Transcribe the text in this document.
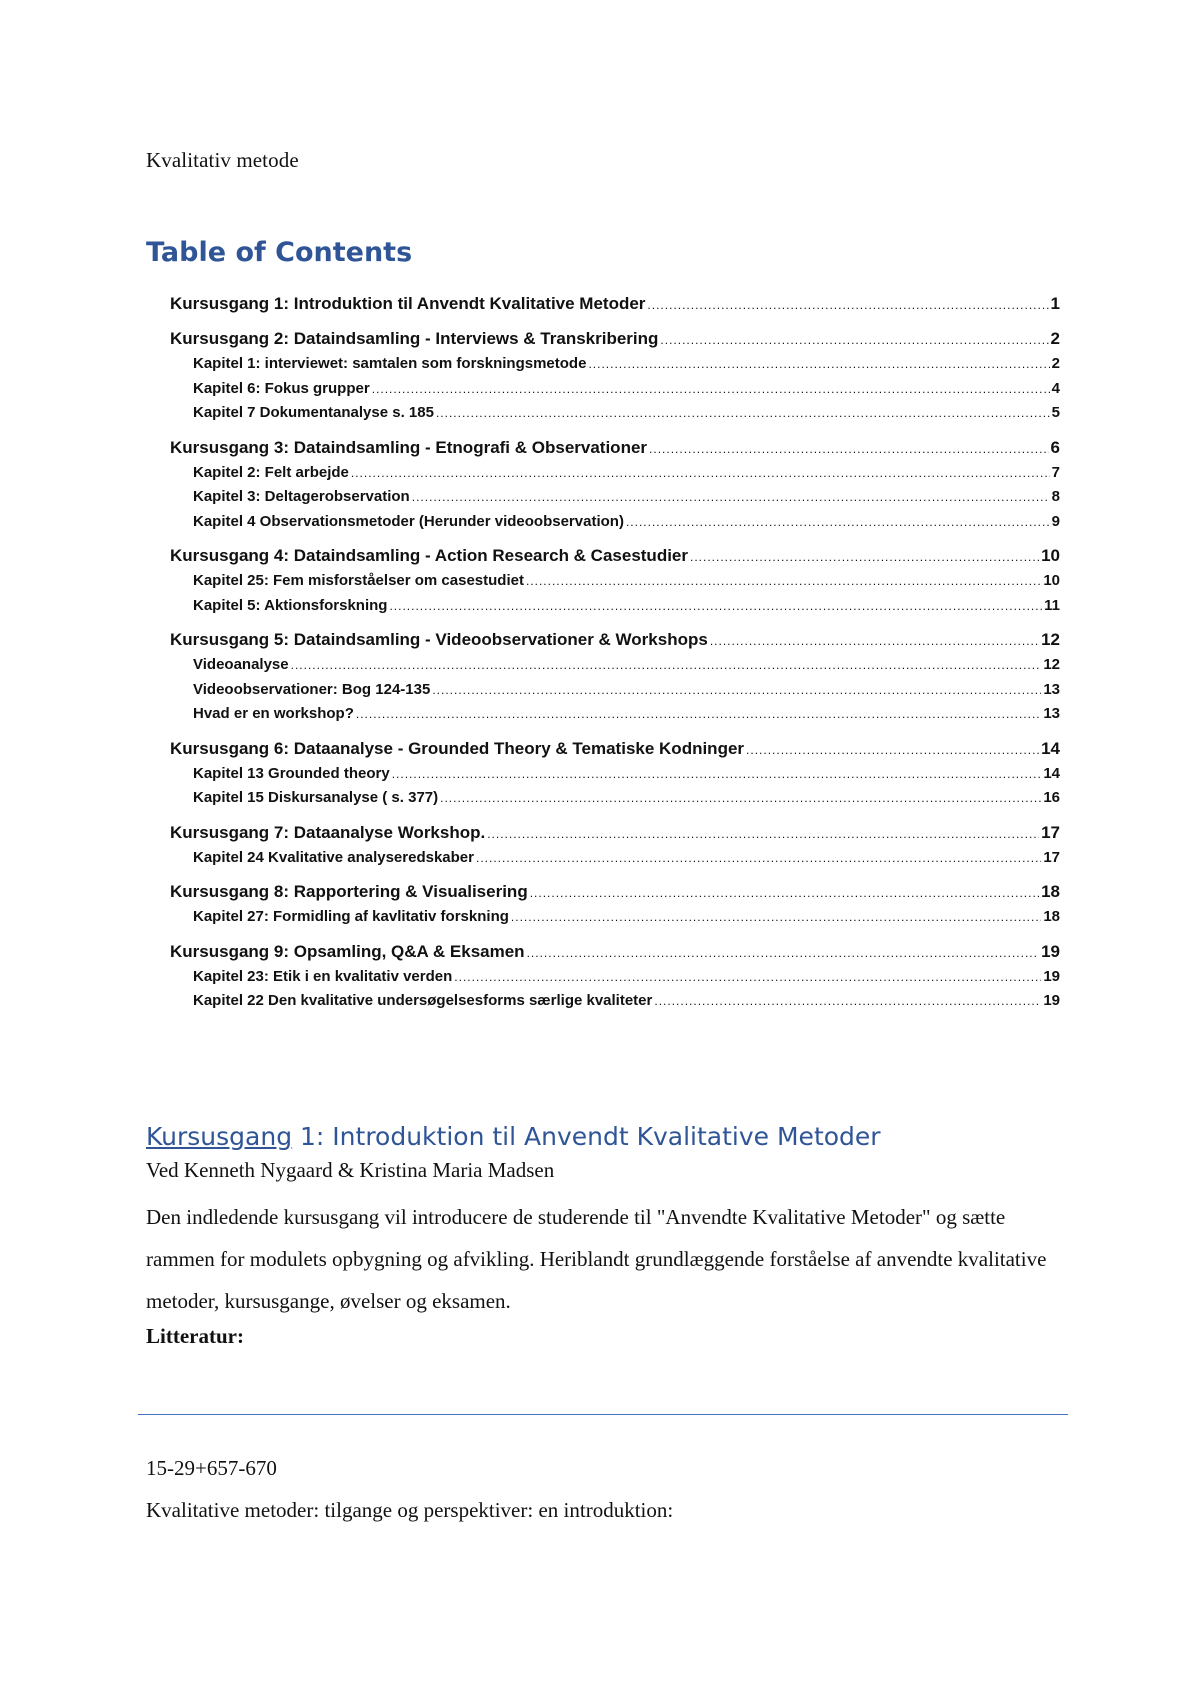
Kvalitativ metode
Table of Contents
Kursusgang 1: Introduktion til Anvendt Kvalitative Metoder .....	1
Kursusgang 2: Dataindsamling - Interviews & Transkribering .....	2
Kapitel 1: interviewet: samtalen som forskningsmetode .....	2
Kapitel 6: Fokus grupper .....	4
Kapitel 7 Dokumentanalyse s. 185 .....	5
Kursusgang 3: Dataindsamling - Etnografi & Observationer .....	6
Kapitel 2: Felt arbejde .....	7
Kapitel 3: Deltagerobservation .....	8
Kapitel 4 Observationsmetoder (Herunder videoobservation) .....	9
Kursusgang 4: Dataindsamling - Action Research & Casestudier .....	10
Kapitel 25: Fem misforståelser om casestudiet .....	10
Kapitel 5: Aktionsforskning .....	11
Kursusgang 5: Dataindsamling - Videoobservationer & Workshops .....	12
Videoanalyse .....	12
Videoobservationer: Bog 124-135 .....	13
Hvad er en workshop? .....	13
Kursusgang 6: Dataanalyse - Grounded Theory & Tematiske Kodninger .....	14
Kapitel 13 Grounded theory .....	14
Kapitel 15 Diskursanalyse ( s. 377) .....	16
Kursusgang 7: Dataanalyse Workshop. .....	17
Kapitel 24 Kvalitative analyseredskaber .....	17
Kursusgang 8: Rapportering & Visualisering .....	18
Kapitel 27: Formidling af kavlitativ forskning .....	18
Kursusgang 9: Opsamling, Q&A & Eksamen .....	19
Kapitel 23: Etik i en kvalitativ verden .....	19
Kapitel 22 Den kvalitative undersøgelsesforms særlige kvaliteter .....	19
Kursusgang 1: Introduktion til Anvendt Kvalitative Metoder
Ved Kenneth Nygaard & Kristina Maria Madsen

Den indledende kursusgang vil introducere de studerende til "Anvendte Kvalitative Metoder" og sætte rammen for modulets opbygning og afvikling. Heriblandt grundlæggende forståelse af anvendte kvalitative metoder, kursusgange, øvelser og eksamen.

Litteratur:
15-29+657-670
Kvalitative metoder: tilgange og perspektiver: en introduktion:
